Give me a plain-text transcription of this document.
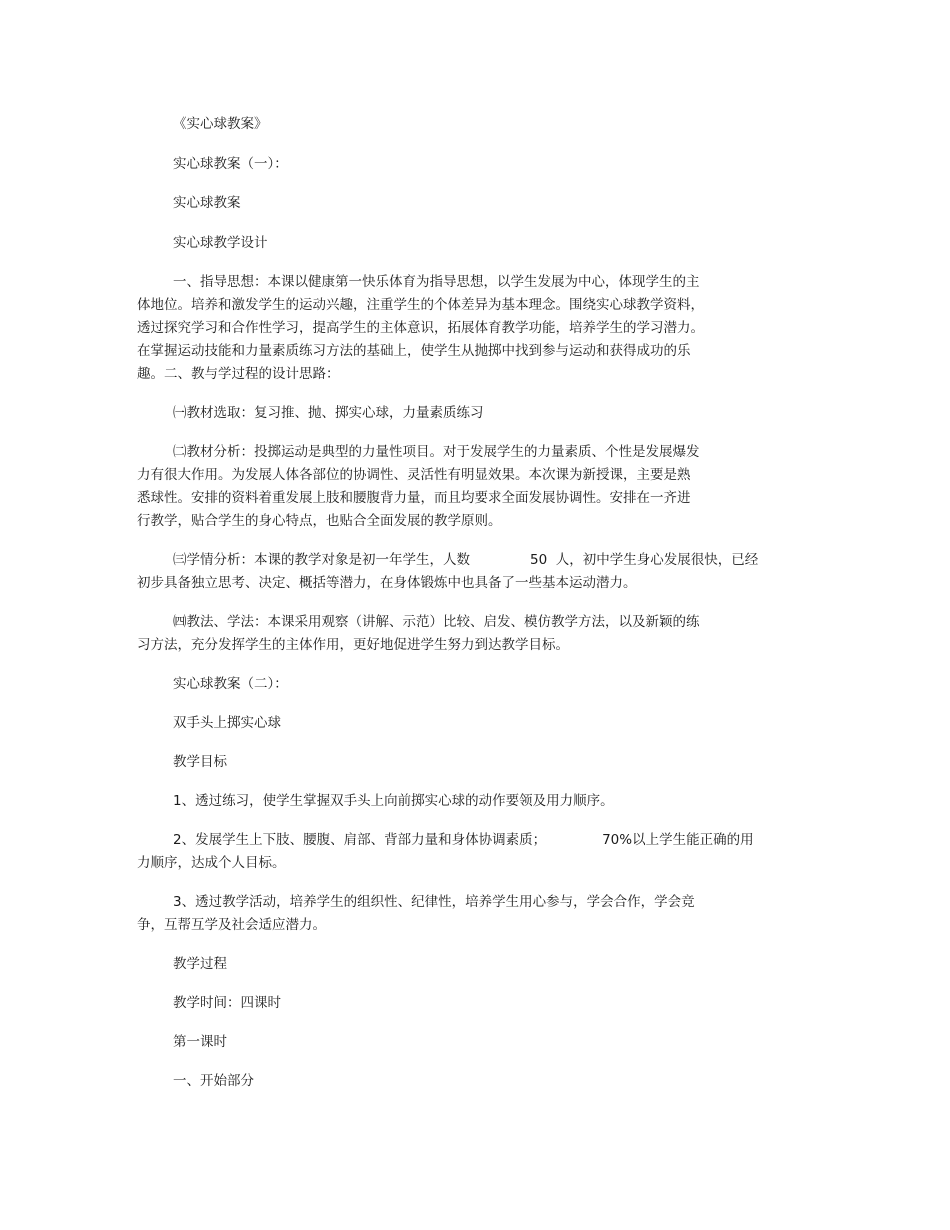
《实心球教案》
实心球教案（一）：
实心球教案
实心球教学设计
一、指导思想：本课以健康第一快乐体育为指导思想，以学生发展为中心，体现学生的主
体地位。培养和激发学生的运动兴趣，注重学生的个体差异为基本理念。围绕实心球教学资料，
透过探究学习和合作性学习，提高学生的主体意识，拓展体育教学功能，培养学生的学习潜力。
在掌握运动技能和力量素质练习方法的基础上，使学生从抛掷中找到参与运动和获得成功的乐
趣。二、教与学过程的设计思路：
㈠教材选取：复习推、抛、掷实心球，力量素质练习
㈡教材分析：投掷运动是典型的力量性项目。对于发展学生的力量素质、个性是发展爆发
力有很大作用。为发展人体各部位的协调性、灵活性有明显效果。本次课为新授课，主要是熟
悉球性。安排的资料着重发展上肢和腰腹背力量，而且均要求全面发展协调性。安排在一齐进
行教学，贴合学生的身心特点，也贴合全面发展的教学原则。
㈢学情分析：本课的教学对象是初一年学生，人数	50 人，初中学生身心发展很快，已经
初步具备独立思考、决定、概括等潜力，在身体锻炼中也具备了一些基本运动潜力。
㈣教法、学法：本课采用观察（讲解、示范）比较、启发、模仿教学方法，以及新颖的练
习方法，充分发挥学生的主体作用，更好地促进学生努力到达教学目标。
实心球教案（二）：
双手头上掷实心球
教学目标
1、透过练习，使学生掌握双手头上向前掷实心球的动作要领及用力顺序。
2、发展学生上下肢、腰腹、肩部、背部力量和身体协调素质；	70%以上学生能正确的用
力顺序，达成个人目标。
3、透过教学活动，培养学生的组织性、纪律性，培养学生用心参与，学会合作，学会竞
争，互帮互学及社会适应潜力。
教学过程
教学时间：四课时
第一课时
一、开始部分
